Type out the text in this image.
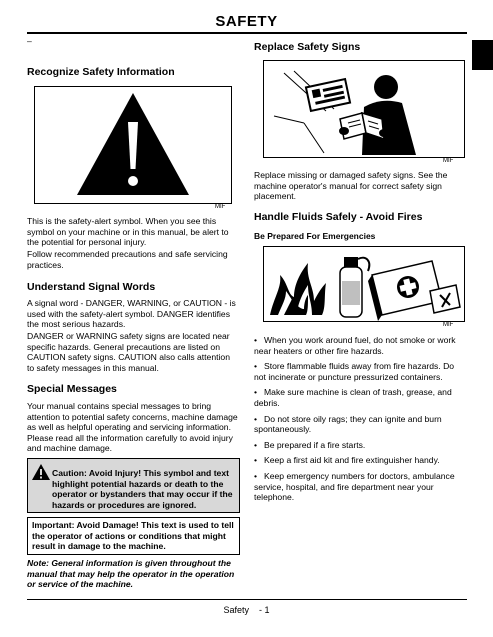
SAFETY
–
Recognize Safety Information
MIF
This is the safety-alert symbol. When you see this symbol on your machine or in this manual, be alert to the potential for personal injury.
Follow recommended precautions and safe servicing practices.
Understand Signal Words
A signal word - DANGER, WARNING, or CAUTION - is used with the safety-alert symbol. DANGER identifies the most serious hazards.
DANGER or WARNING safety signs are located near specific hazards. General precautions are listed on CAUTION safety signs. CAUTION also calls attention to safety messages in this manual.
Special Messages
Your manual contains special messages to bring attention to potential safety concerns, machine damage as well as helpful operating and servicing information. Please read all the information carefully to avoid injury and machine damage.
Caution: Avoid Injury! This symbol and text highlight potential hazards or death to the operator or bystanders that may occur if the hazards or procedures are ignored.
Important: Avoid Damage! This text is used to tell the operator of actions or conditions that might result in damage to the machine.
Note: General information is given throughout the manual that may help the operator in the operation or service of the machine.
Replace Safety Signs
MIF
Replace missing or damaged safety signs. See the machine operator's manual for correct safety sign placement.
Handle Fluids Safely - Avoid Fires
Be Prepared For Emergencies
MIF
• When you work around fuel, do not smoke or work near heaters or other fire hazards.
• Store flammable fluids away from fire hazards. Do not incinerate or puncture pressurized containers.
• Make sure machine is clean of trash, grease, and debris.
• Do not store oily rags; they can ignite and burn spontaneously.
• Be prepared if a fire starts.
• Keep a first aid kit and fire extinguisher handy.
• Keep emergency numbers for doctors, ambulance service, hospital, and fire department near your telephone.
Safety    - 1
